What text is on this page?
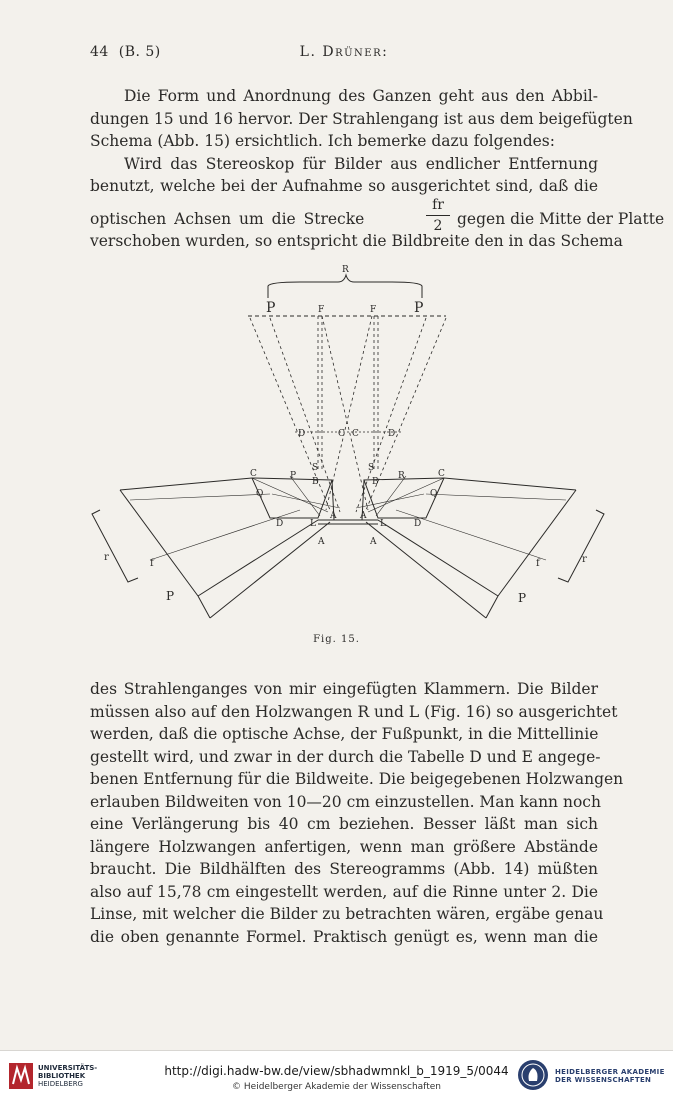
44 (B. 5)	L. Drüner:
Die Form und Anordnung des Ganzen geht aus den Abbil-
dungen 15 und 16 hervor. Der Strahlengang ist aus dem beigefügten
Schema (Abb. 15) ersichtlich. Ich bemerke dazu folgendes:
Wird das Stereoskop für Bilder aus endlicher Entfernung
benutzt, welche bei der Aufnahme so ausgerichtet sind, daß die
optischen Achsen um die Strecke
fr
2 gegen die Mitte der Platte
verschoben wurden, so entspricht die Bildbreite den in das Schema
R
P	P
F	F
D	C C	D
S	S
B	B
C	C
P	R
Q	Q
D	D
A	A
L	L
A	A
r
f
P
r
f
P
Fig. 15.
des Strahlenganges von mir eingefügten Klammern. Die Bilder
müssen also auf den Holzwangen R und L (Fig. 16) so ausgerichtet
werden, daß die optische Achse, der Fußpunkt, in die Mittellinie
gestellt wird, und zwar in der durch die Tabelle D und E angege-
benen Entfernung für die Bildweite. Die beigegebenen Holzwangen
erlauben Bildweiten von 10—20 cm einzustellen. Man kann noch
eine Verlängerung bis 40 cm beziehen. Besser läßt man sich
längere Holzwangen anfertigen, wenn man größere Abstände
braucht. Die Bildhälften des Stereogramms (Abb. 14) müßten
also auf 15,78 cm eingestellt werden, auf die Rinne unter 2. Die
Linse, mit welcher die Bilder zu betrachten wären, ergäbe genau
die oben genannte Formel. Praktisch genügt es, wenn man die
UNIVERSITÄTS-
BIBLIOTHEK
HEIDELBERG
http://digi.hadw-bw.de/view/sbhadwmnkl_b_1919_5/0044
© Heidelberger Akademie der Wissenschaften
HEIDELBERGER AKADEMIE
DER WISSENSCHAFTEN
